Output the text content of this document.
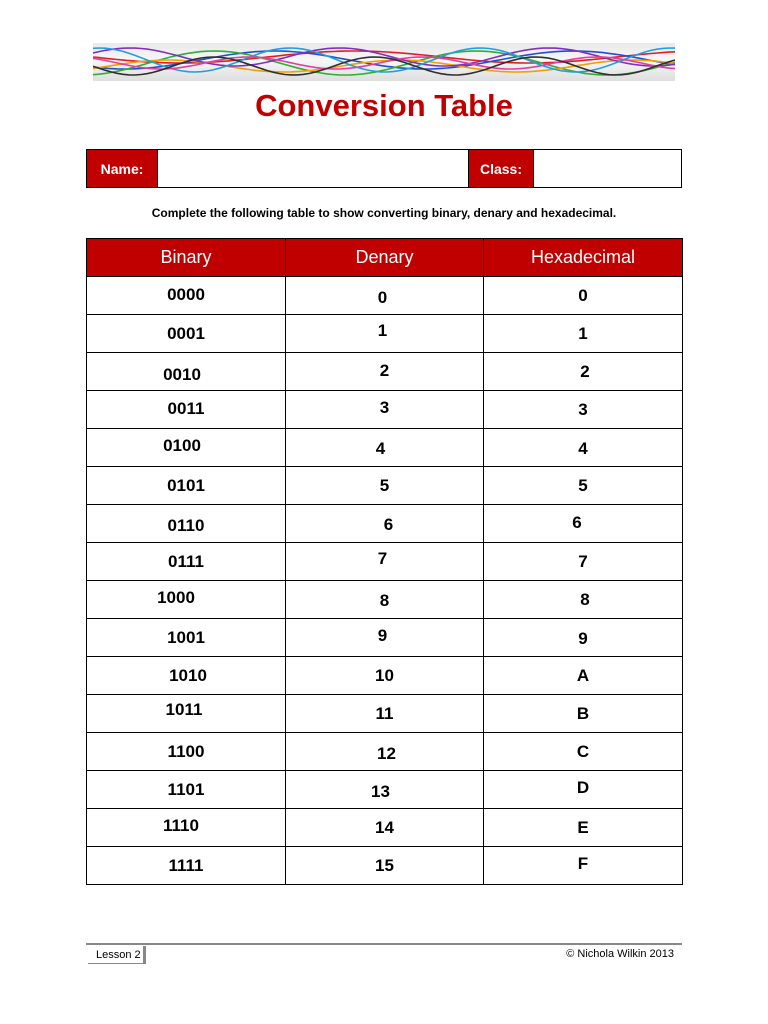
Conversion Table
Name:	Class:
Complete the following table to show converting binary, denary and hexadecimal.
Binary	Denary	Hexadecimal
0000	0	0
0001	1	1
0010	2	2
0011	3	3
0100	4	4
0101	5	5
0110	6	6
0111	7	7
1000	8	8
1001	9	9
1010	10	A
1011	11	B
1100	12	C
1101	13	D
1110	14	E
1111	15	F
Lesson 2	© Nichola Wilkin 2013
